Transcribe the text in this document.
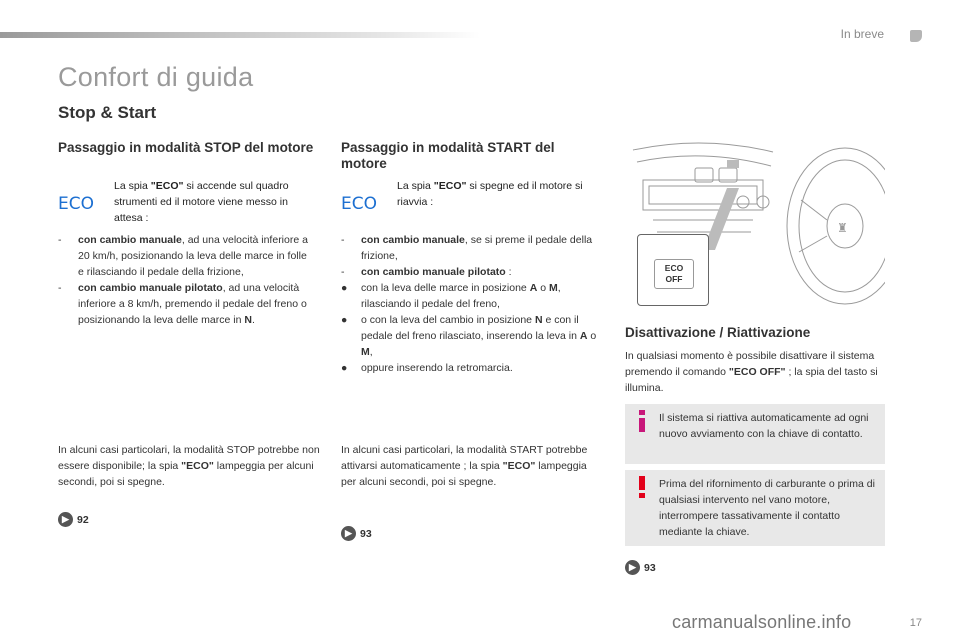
In breve
Confort di guida
Stop & Start
Passaggio in modalità STOP del motore
ECO
La spia "ECO" si accende sul quadro strumenti ed il motore viene messo in attesa :
- con cambio manuale, ad una velocità inferiore a 20 km/h, posizionando la leva delle marce in folle e rilasciando il pedale della frizione,
- con cambio manuale pilotato, ad una velocità inferiore a 8 km/h, premendo il pedale del freno o posizionando la leva delle marce in N.
In alcuni casi particolari, la modalità STOP potrebbe non essere disponibile; la spia "ECO" lampeggia per alcuni secondi, poi si spegne.
▶ 92
Passaggio in modalità START del motore
ECO
La spia "ECO" si spegne ed il motore si riavvia :
- con cambio manuale, se si preme il pedale della frizione,
- con cambio manuale pilotato :
● con la leva delle marce in posizione A o M, rilasciando il pedale del freno,
● o con la leva del cambio in posizione N e con il pedale del freno rilasciato, inserendo la leva in A o M,
● oppure inserendo la retromarcia.
In alcuni casi particolari, la modalità START potrebbe attivarsi automaticamente ; la spia "ECO" lampeggia per alcuni secondi, poi si spegne.
▶ 93
♜
ECO
OFF
Disattivazione / Riattivazione
In qualsiasi momento è possibile disattivare il sistema premendo il comando "ECO OFF" ; la spia del tasto si illumina.
Il sistema si riattiva automaticamente ad ogni nuovo avviamento con la chiave di contatto.
Prima del rifornimento di carburante o prima di qualsiasi intervento nel vano motore, interrompere tassativamente il contatto mediante la chiave.
▶ 93
carmanualsonline.info	17
